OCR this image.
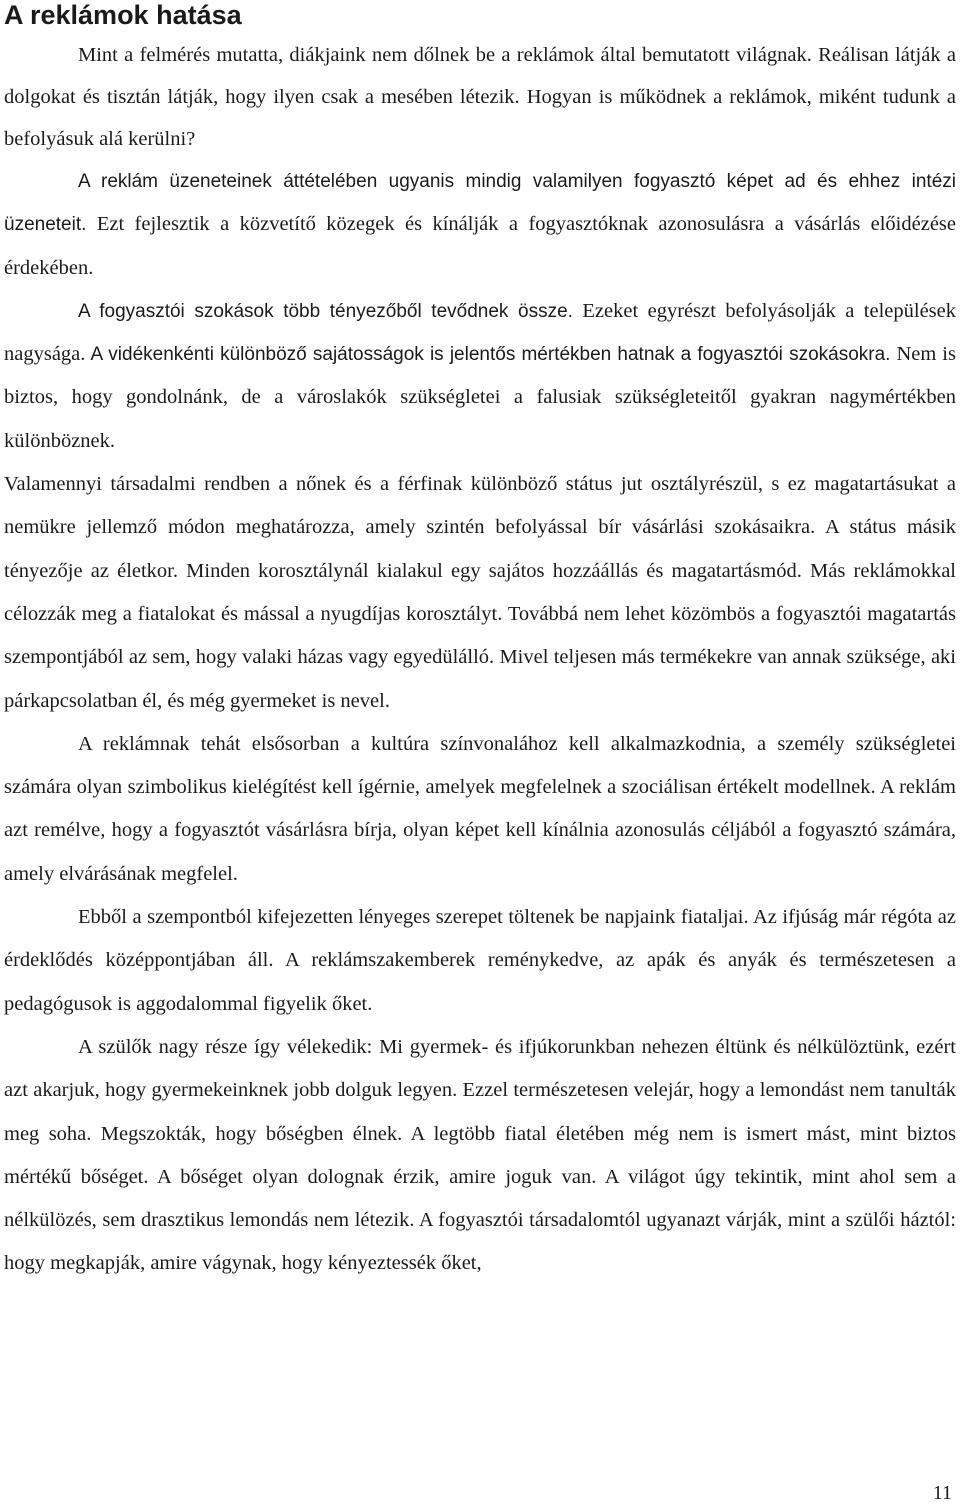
A reklámok hatása

Mint a felmérés mutatta, diákjaink nem dőlnek be a reklámok által bemutatott világnak. Reálisan látják a dolgokat és tisztán látják, hogy ilyen csak a mesében létezik. Hogyan is működnek a reklámok, miként tudunk a befolyásuk alá kerülni?

A reklám üzeneteinek áttételében ugyanis mindig valamilyen fogyasztó képet ad és ehhez intézi üzeneteit. Ezt fejlesztik a közvetítő közegek és kínálják a fogyasztóknak azonosulásra a vásárlás előidézése érdekében.

A fogyasztói szokások több tényezőből tevődnek össze. Ezeket egyrészt befolyásolják a települések nagysága. A vidékenkénti különböző sajátosságok is jelentős mértékben hatnak a fogyasztói szokásokra. Nem is biztos, hogy gondolnánk, de a városlakók szükségletei a falusiak szükségleteitől gyakran nagymértékben különböznek.

Valamennyi társadalmi rendben a nőnek és a férfinak különböző státus jut osztályrészül, s ez magatartásukat a nemükre jellemző módon meghatározza, amely szintén befolyással bír vásárlási szokásaikra. A státus másik tényezője az életkor. Minden korosztálynál kialakul egy sajátos hozzáállás és magatartásmód. Más reklámokkal célozzák meg a fiatalokat és mással a nyugdíjas korosztályt. Továbbá nem lehet közömbös a fogyasztói magatartás szempontjából az sem, hogy valaki házas vagy egyedülálló. Mivel teljesen más termékekre van annak szüksége, aki párkapcsolatban él, és még gyermeket is nevel.

A reklámnak tehát elsősorban a kultúra színvonalához kell alkalmazkodnia, a személy szükségletei számára olyan szimbolikus kielégítést kell ígérnie, amelyek megfelelnek a szociálisan értékelt modellnek. A reklám azt remélve, hogy a fogyasztót vásárlásra bírja, olyan képet kell kínálnia azonosulás céljából a fogyasztó számára, amely elvárásának megfelel.

Ebből a szempontból kifejezetten lényeges szerepet töltenek be napjaink fiataljai. Az ifjúság már régóta az érdeklődés középpontjában áll. A reklámszakemberek reménykedve, az apák és anyák és természetesen a pedagógusok is aggodalommal figyelik őket.

A szülők nagy része így vélekedik: Mi gyermek- és ifjúkorunkban nehezen éltünk és nélkülöztünk, ezért azt akarjuk, hogy gyermekeinknek jobb dolguk legyen. Ezzel természetesen velejár, hogy a lemondást nem tanulták meg soha. Megszokták, hogy bőségben élnek. A legtöbb fiatal életében még nem is ismert mást, mint biztos mértékű bőséget. A bőséget olyan dolognak érzik, amire joguk van. A világot úgy tekintik, mint ahol sem a nélkülözés, sem drasztikus lemondás nem létezik. A fogyasztói társadalomtól ugyanazt várják, mint a szülői háztól: hogy megkapják, amire vágynak, hogy kényeztessék őket,

11
